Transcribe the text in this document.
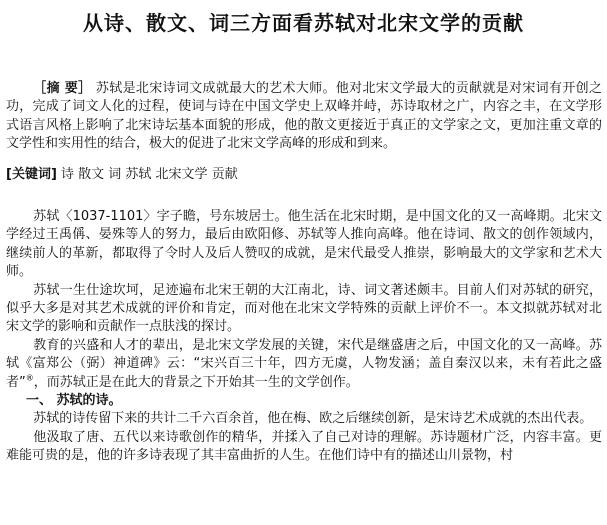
从诗、散文、词三方面看苏轼对北宋文学的贡献

［摘 要］ 苏轼是北宋诗词文成就最大的艺术大师。他对北宋文学最大的贡献就是对宋词有开创之功，完成了词文人化的过程，使词与诗在中国文学史上双峰并峙，苏诗取材之广，内容之丰，在文学形式语言风格上影响了北宋诗坛基本面貌的形成，他的散文更接近于真正的文学家之文，更加注重文章的文学性和实用性的结合，极大的促进了北宋文学高峰的形成和到来。

[关键词] 诗 散文 词 苏轼 北宋文学 贡献

苏轼〈1037-1101〉字子瞻，号东坡居士。他生活在北宋时期，是中国文化的又一高峰期。北宋文学经过王禹偁、晏殊等人的努力，最后由欧阳修、苏轼等人推向高峰。他在诗词、散文的创作领域内，继续前人的革新，都取得了令时人及后人赞叹的成就，是宋代最受人推崇，影响最大的文学家和艺术大师。

苏轼一生仕途坎坷，足迹遍布北宋王朝的大江南北，诗、词文著述颇丰。目前人们对苏轼的研究，似乎大多是对其艺术成就的评价和肯定，而对他在北宋文学特殊的贡献上评价不一。本文拟就苏轼对北宋文学的影响和贡献作一点肤浅的探讨。

教育的兴盛和人才的辈出，是北宋文学发展的关键，宋代是继盛唐之后，中国文化的又一高峰。苏轼《富郑公（弼）神道碑》云：“宋兴百三十年，四方无虞，人物发涵；盖自秦汉以来，未有若此之盛者”®，而苏轼正是在此大的背景之下开始其一生的文学创作。

一、 苏轼的诗。

苏轼的诗传留下来的共计二千六百余首，他在梅、欧之后继续创新，是宋诗艺术成就的杰出代表。

他汲取了唐、五代以来诗歌创作的精华，并揉入了自己对诗的理解。苏诗题材广泛，内容丰富。更难能可贵的是，他的许多诗表现了其丰富曲折的人生。在他们诗中有的描述山川景物，村
